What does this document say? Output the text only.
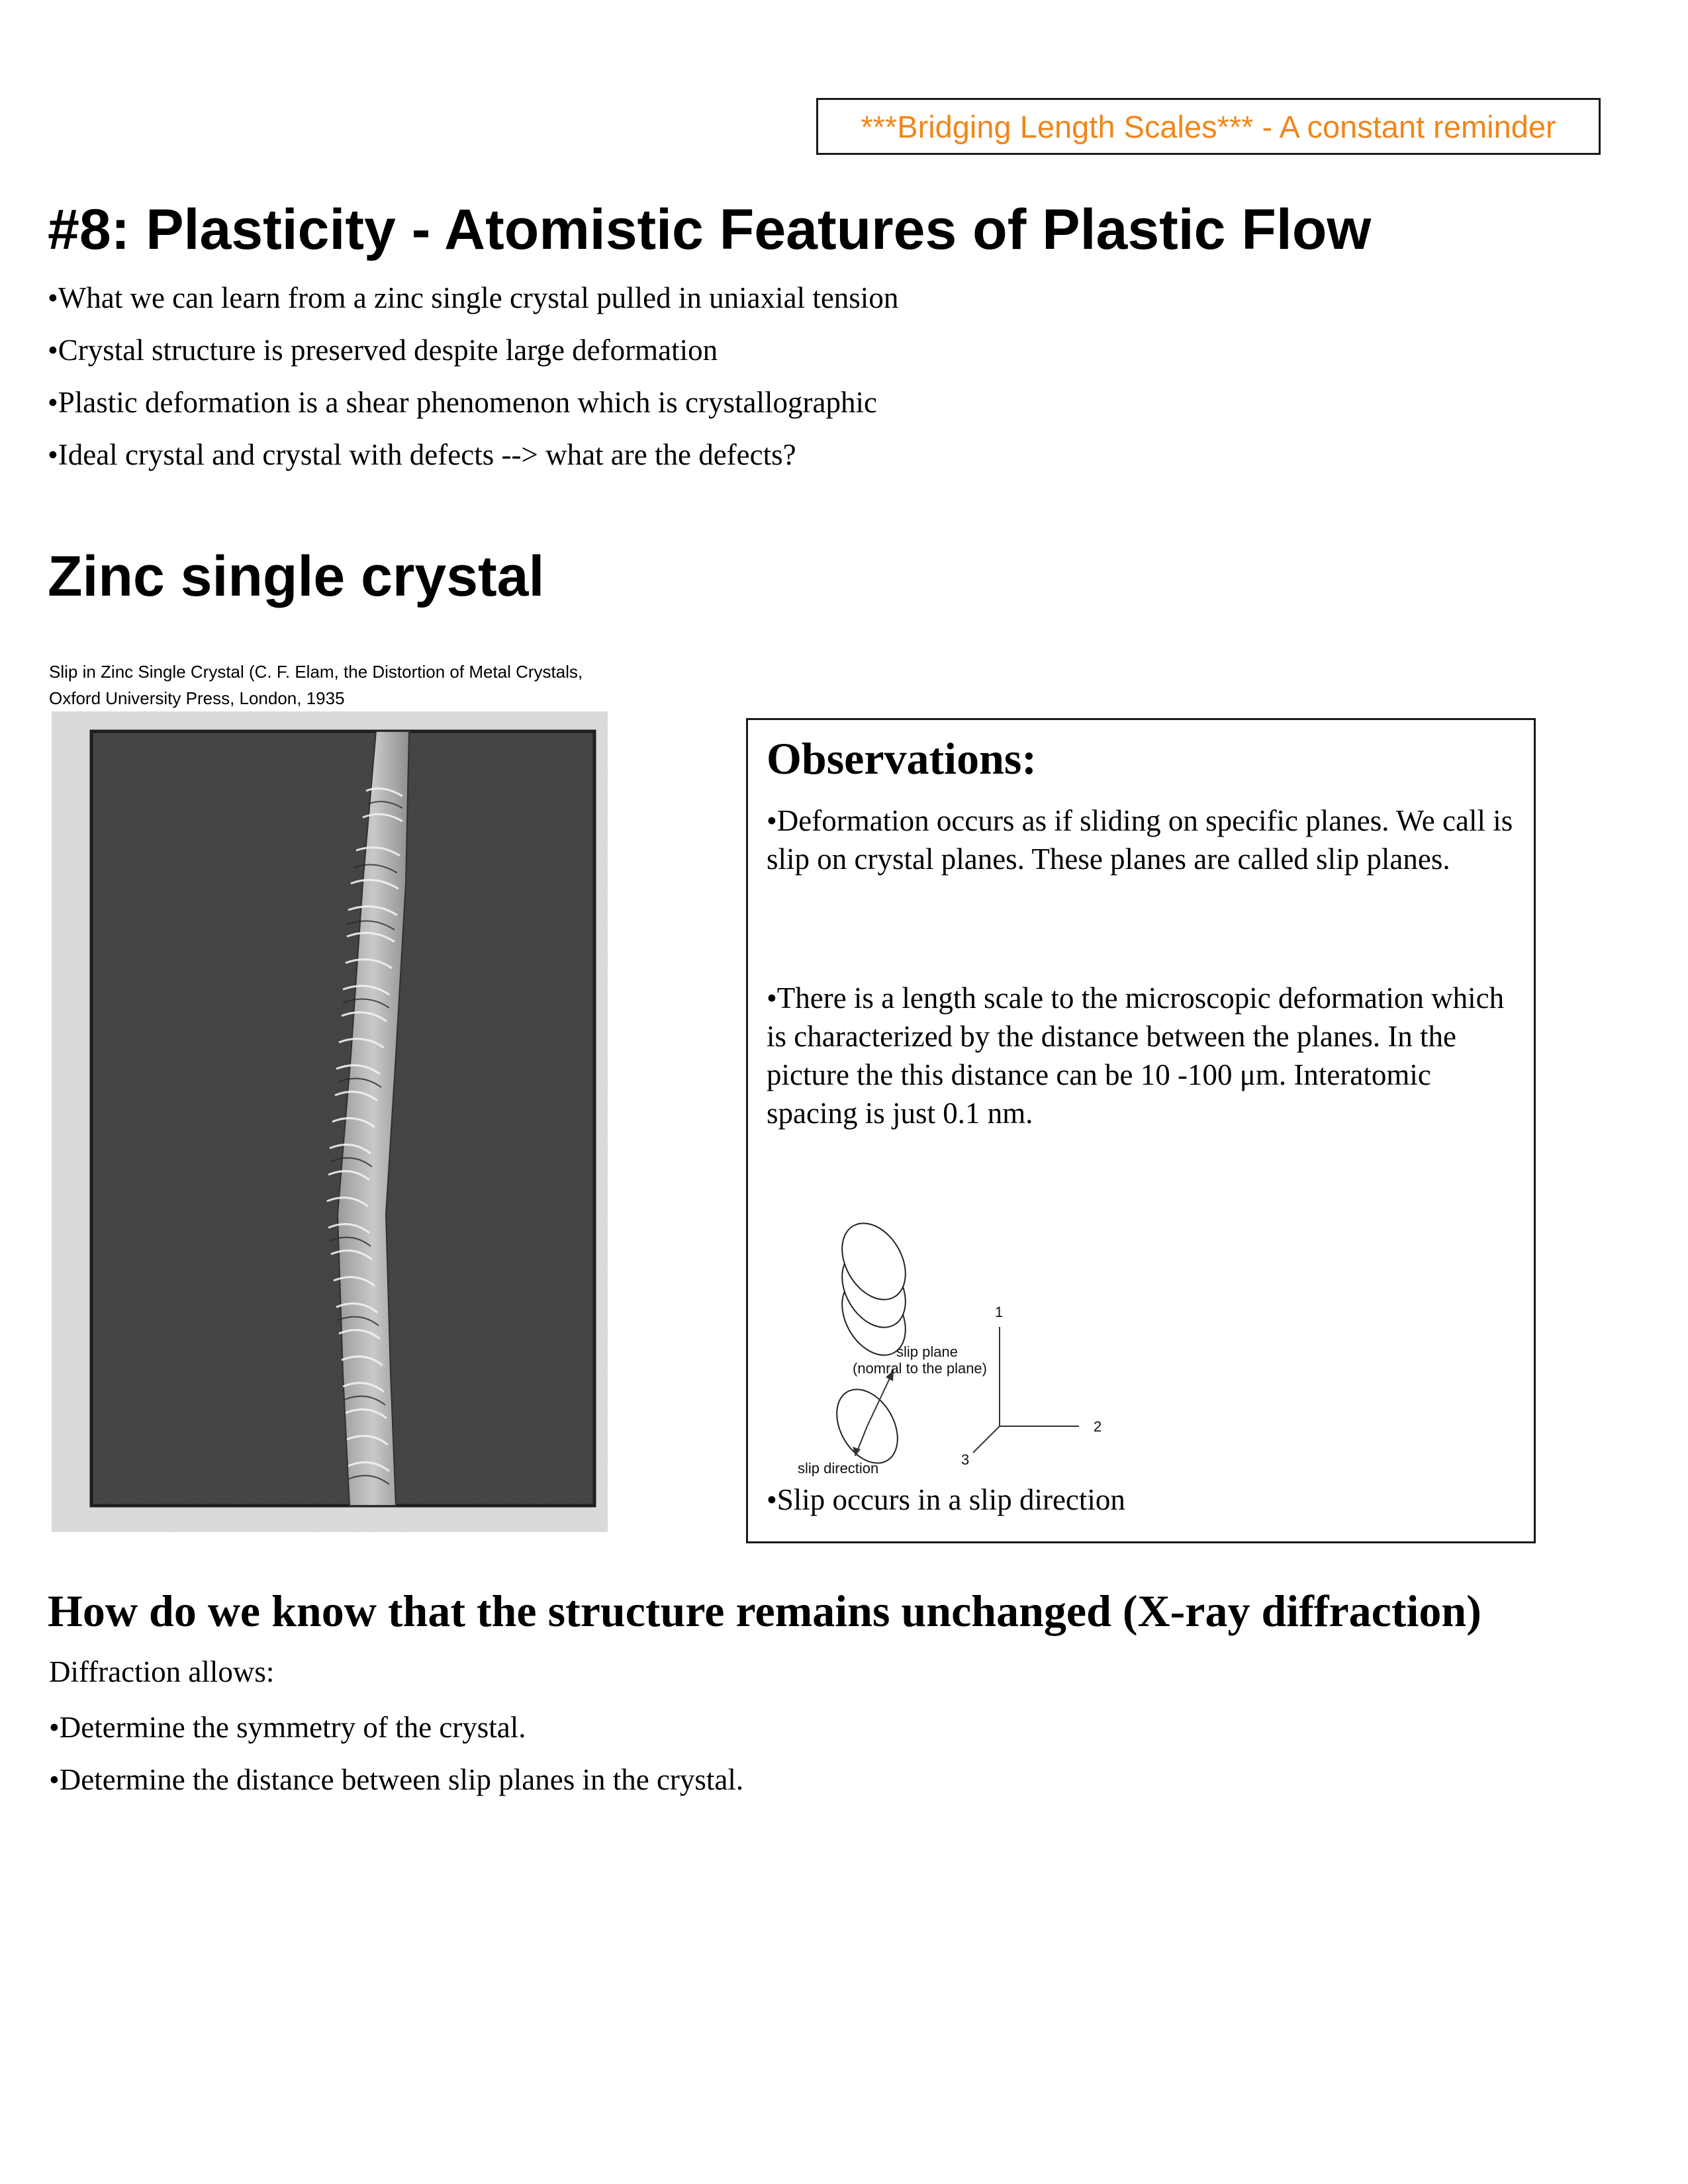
***Bridging Length Scales*** - A constant reminder
#8: Plasticity - Atomistic Features of Plastic Flow
•What we can learn from a zinc single crystal pulled in uniaxial tension
•Crystal structure is preserved despite large deformation
•Plastic deformation is a shear phenomenon which is crystallographic
•Ideal crystal and crystal with defects --> what are the defects?
Zinc single crystal
Slip in Zinc Single Crystal (C. F. Elam, the Distortion of Metal Crystals,
Oxford University Press, London, 1935
Observations:
•Deformation occurs as if sliding on specific planes. We call is slip on crystal planes. These planes are called slip planes.
•There is a length scale to the microscopic deformation which is characterized by the distance between the planes. In the picture the this distance can be 10 -100 μm. Interatomic spacing is just 0.1 nm.
1
2
3
slip plane
(nomral to the plane)
slip direction
•Slip occurs in a slip direction
How do we know that the structure remains unchanged (X-ray diffraction)
Diffraction allows:
•Determine the symmetry of the crystal.
•Determine the distance between slip planes in the crystal.
